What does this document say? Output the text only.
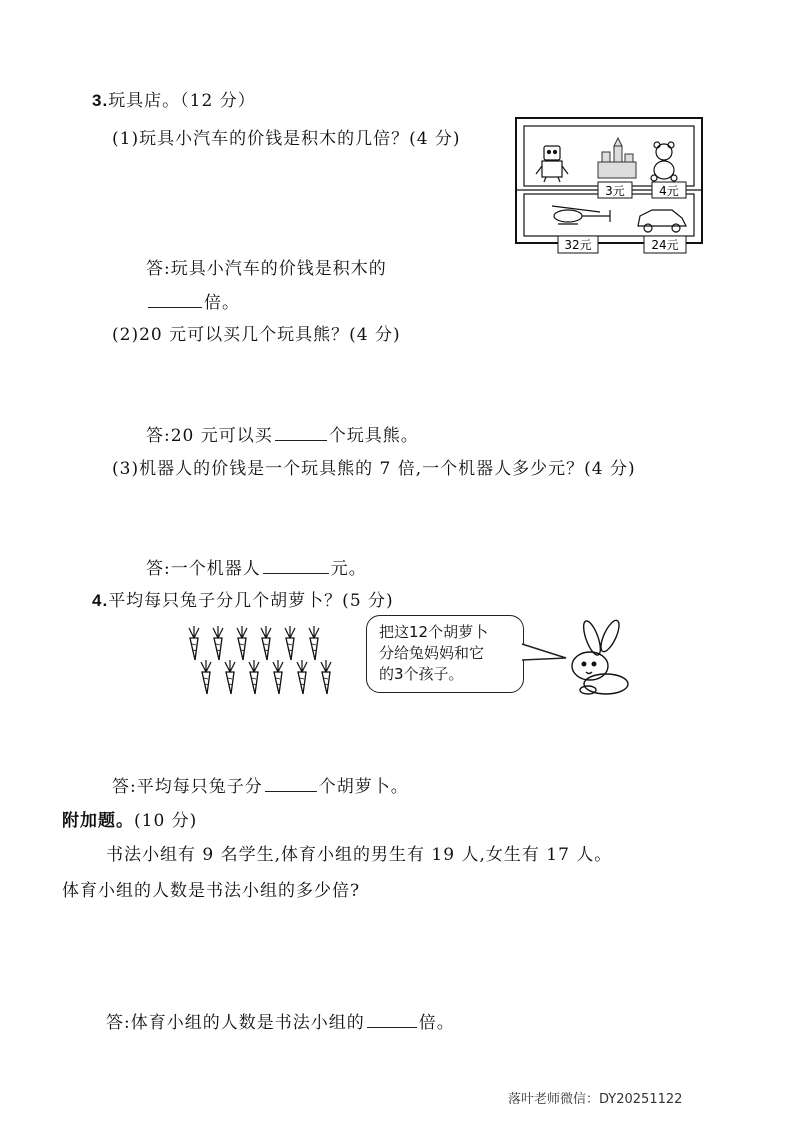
3.玩具店。（12 分）
(1)玩具小汽车的价钱是积木的几倍？(4 分)
3元	4元
32元	24元
答:玩具小汽车的价钱是积木的
倍。
(2)20 元可以买几个玩具熊？(4 分)
答:20 元可以买	个玩具熊。
(3)机器人的价钱是一个玩具熊的 7 倍,一个机器人多少元？(4 分)
答:一个机器人	元。
4.平均每只兔子分几个胡萝卜？(5 分)
把这12个胡萝卜
分给兔妈妈和它
的3个孩子。
答:平均每只兔子分	个胡萝卜。
附加题。(10 分)
书法小组有 9 名学生,体育小组的男生有 19 人,女生有 17 人。
体育小组的人数是书法小组的多少倍?
答:体育小组的人数是书法小组的	倍。
落叶老师微信：DY20251122
